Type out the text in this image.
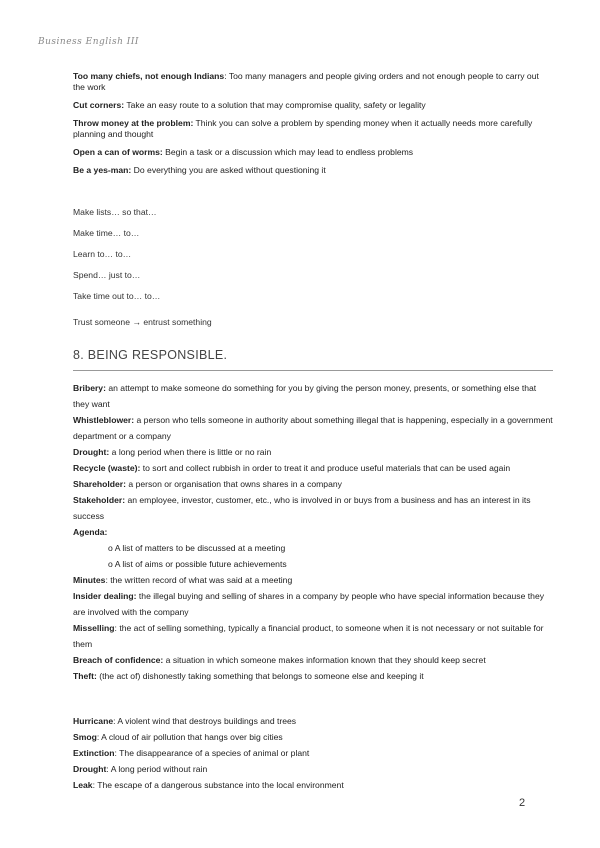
Business English III
Too many chiefs, not enough Indians: Too many managers and people giving orders and not enough people to carry out the work
Cut corners: Take an easy route to a solution that may compromise quality, safety or legality
Throw money at the problem: Think you can solve a problem by spending money when it actually needs more carefully planning and thought
Open a can of worms: Begin a task or a discussion which may lead to endless problems
Be a yes-man: Do everything you are asked without questioning it
Make lists… so that…
Make time… to…
Learn to… to…
Spend… just to…
Take time out to… to…
Trust someone → entrust something
8. BEING RESPONSIBLE.
Bribery: an attempt to make someone do something for you by giving the person money, presents, or something else that they want
Whistleblower: a person who tells someone in authority about something illegal that is happening, especially in a government department or a company
Drought: a long period when there is little or no rain
Recycle (waste): to sort and collect rubbish in order to treat it and produce useful materials that can be used again
Shareholder: a person or organisation that owns shares in a company
Stakeholder: an employee, investor, customer, etc., who is involved in or buys from a business and has an interest in its success
Agenda:
o A list of matters to be discussed at a meeting
o A list of aims or possible future achievements
Minutes: the written record of what was said at a meeting
Insider dealing: the illegal buying and selling of shares in a company by people who have special information because they are involved with the company
Misselling: the act of selling something, typically a financial product, to someone when it is not necessary or not suitable for them
Breach of confidence: a situation in which someone makes information known that they should keep secret
Theft: (the act of) dishonestly taking something that belongs to someone else and keeping it
Hurricane: A violent wind that destroys buildings and trees
Smog: A cloud of air pollution that hangs over big cities
Extinction: The disappearance of a species of animal or plant
Drought: A long period without rain
Leak: The escape of a dangerous substance into the local environment
2
